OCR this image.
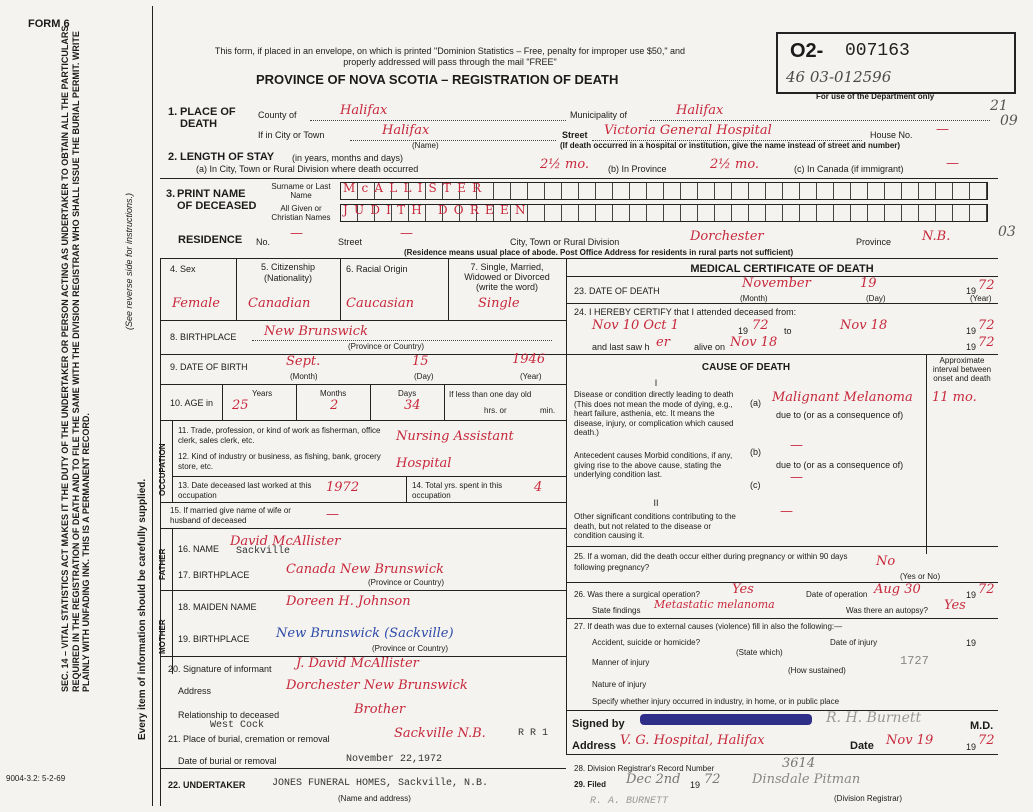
FORM 6
This form, if placed in an envelope, on which is printed "Dominion Statistics – Free, penalty for improper use $50," and properly addressed will pass through the mail "FREE"
PROVINCE OF NOVA SCOTIA – REGISTRATION OF DEATH
O2- 007163
46 03-012596
For use of the Department only
21
09
03
SEC. 14 – VITAL STATISTICS ACT MAKES IT THE DUTY OF THE UNDERTAKER OR PERSON ACTING AS UNDERTAKER TO OBTAIN ALL THE PARTICULARS REQUIRED IN THE REGISTRATION OF DEATH AND TO FILE THE SAME WITH THE DIVISION REGISTRAR WHO SHALL ISSUE THE BURIAL PERMIT. WRITE PLAINLY WITH UNFADING INK. THIS IS A PERMANENT RECORD.
(See reverse side for instructions.)
Every item of information should be carefully supplied.
9004-3.2: 5-2-69
1. PLACE OF DEATH
County of	Halifax	Municipality of	Halifax
If in City or Town	Halifax
(Name)
Street Victoria General Hospital	House No. —
(If death occurred in a hospital or institution, give the name instead of street and number)
2. LENGTH OF STAY (in years, months and days)
(a) In City, Town or Rural Division where death occurred	2½ mo. (b) In Province	2½ mo.	(c) In Canada (if immigrant)	—
3. PRINT NAME OF DECEASED
Surname or Last Name
All Given or Christian Names
McALLISTER
JUDITH DOREEN
RESIDENCE No.
—
Street
—
City, Town or Rural Division	Dorchester	Province N.B.
(Residence means usual place of abode. Post Office Address for residents in rural parts not sufficient)
4. Sex
Female
5. Citizenship (Nationality)
Canadian
6. Racial Origin
Caucasian
7. Single, Married, Widowed or Divorced (write the word)
Single
8. BIRTHPLACE New Brunswick
(Province or Country)
9. DATE OF BIRTH	Sept.	15	1946
(Month)	(Day)	(Year)
10. AGE in
Years	Months	Days
25	2	34
If less than one day old
hrs. or	min.
OCCUPATION
11. Trade, profession, or kind of work as fisherman, office clerk, sales clerk, etc.	Nursing Assistant
12. Kind of industry or business, as fishing, bank, grocery store, etc.	Hospital
13. Date deceased last worked at this occupation
1972	14. Total yrs. spent in this occupation
4
15. If married give name of wife or husband of deceased	—
FATHER 16. NAME David McAllister
Sackville
17. BIRTHPLACE	Canada New Brunswick
(Province or Country)
MOTHER
18. MAIDEN NAME Doreen H. Johnson
19. BIRTHPLACE New Brunswick (Sackville)
(Province or Country)
20. Signature of informant J. David McAllister
Address	Dorchester New Brunswick
Relationship to deceased	Brother
West Cock
21. Place of burial, cremation or removal	Sackville N.B.	R R 1
Date of burial or removal	November 22,1972
22. UNDERTAKER	JONES FUNERAL HOMES, Sackville, N.B.
(Name and address)
MEDICAL CERTIFICATE OF DEATH
23. DATE OF DEATH	November	19	19 72
(Month)	(Day)	(Year)
24. I HEREBY CERTIFY that I attended deceased from:
Nov 10 Oct 1	19 72 to	Nov 18	19 72
and last saw h er	alive on Nov 18	19 72
CAUSE OF DEATH
Approximate interval between onset and death
I
Disease or condition directly leading to death (This does not mean the mode of dying, e.g., heart failure, asthenia, etc. It means the disease, injury, or complication which caused death.)
(a) Malignant Melanoma 11 mo.
due to (or as a consequence of)
Antecedent causes Morbid conditions, if any, giving rise to the above cause, stating the underlying condition last.
(b) —
due to (or as a consequence of)
(c) —
II
Other significant conditions contributing to the death, but not related to the disease or condition causing it.
—
25. If a woman, did the death occur either during pregnancy or within 90 days following pregnancy?	No
(Yes or No)
26. Was there a surgical operation? Yes	Date of operation Aug 30	19 72
State findings Metastatic melanoma	Was there an autopsy? Yes
27. If death was due to external causes (violence) fill in also the following:—
Accident, suicide or homicide?	Date of injury	19
(State which)
Manner of injury	1727
(How sustained)
Nature of injury
Specify whether injury occurred in industry, in home, or in public place
Signed by	R. H. Burnett	M.D.
Address V. G. Hospital, Halifax	Date Nov 19	19 72
28. Division Registrar's Record Number	3614
29. Filed Dec 2nd 19 72 Dinsdale Pitman
(Division Registrar)
R. A. BURNETT
